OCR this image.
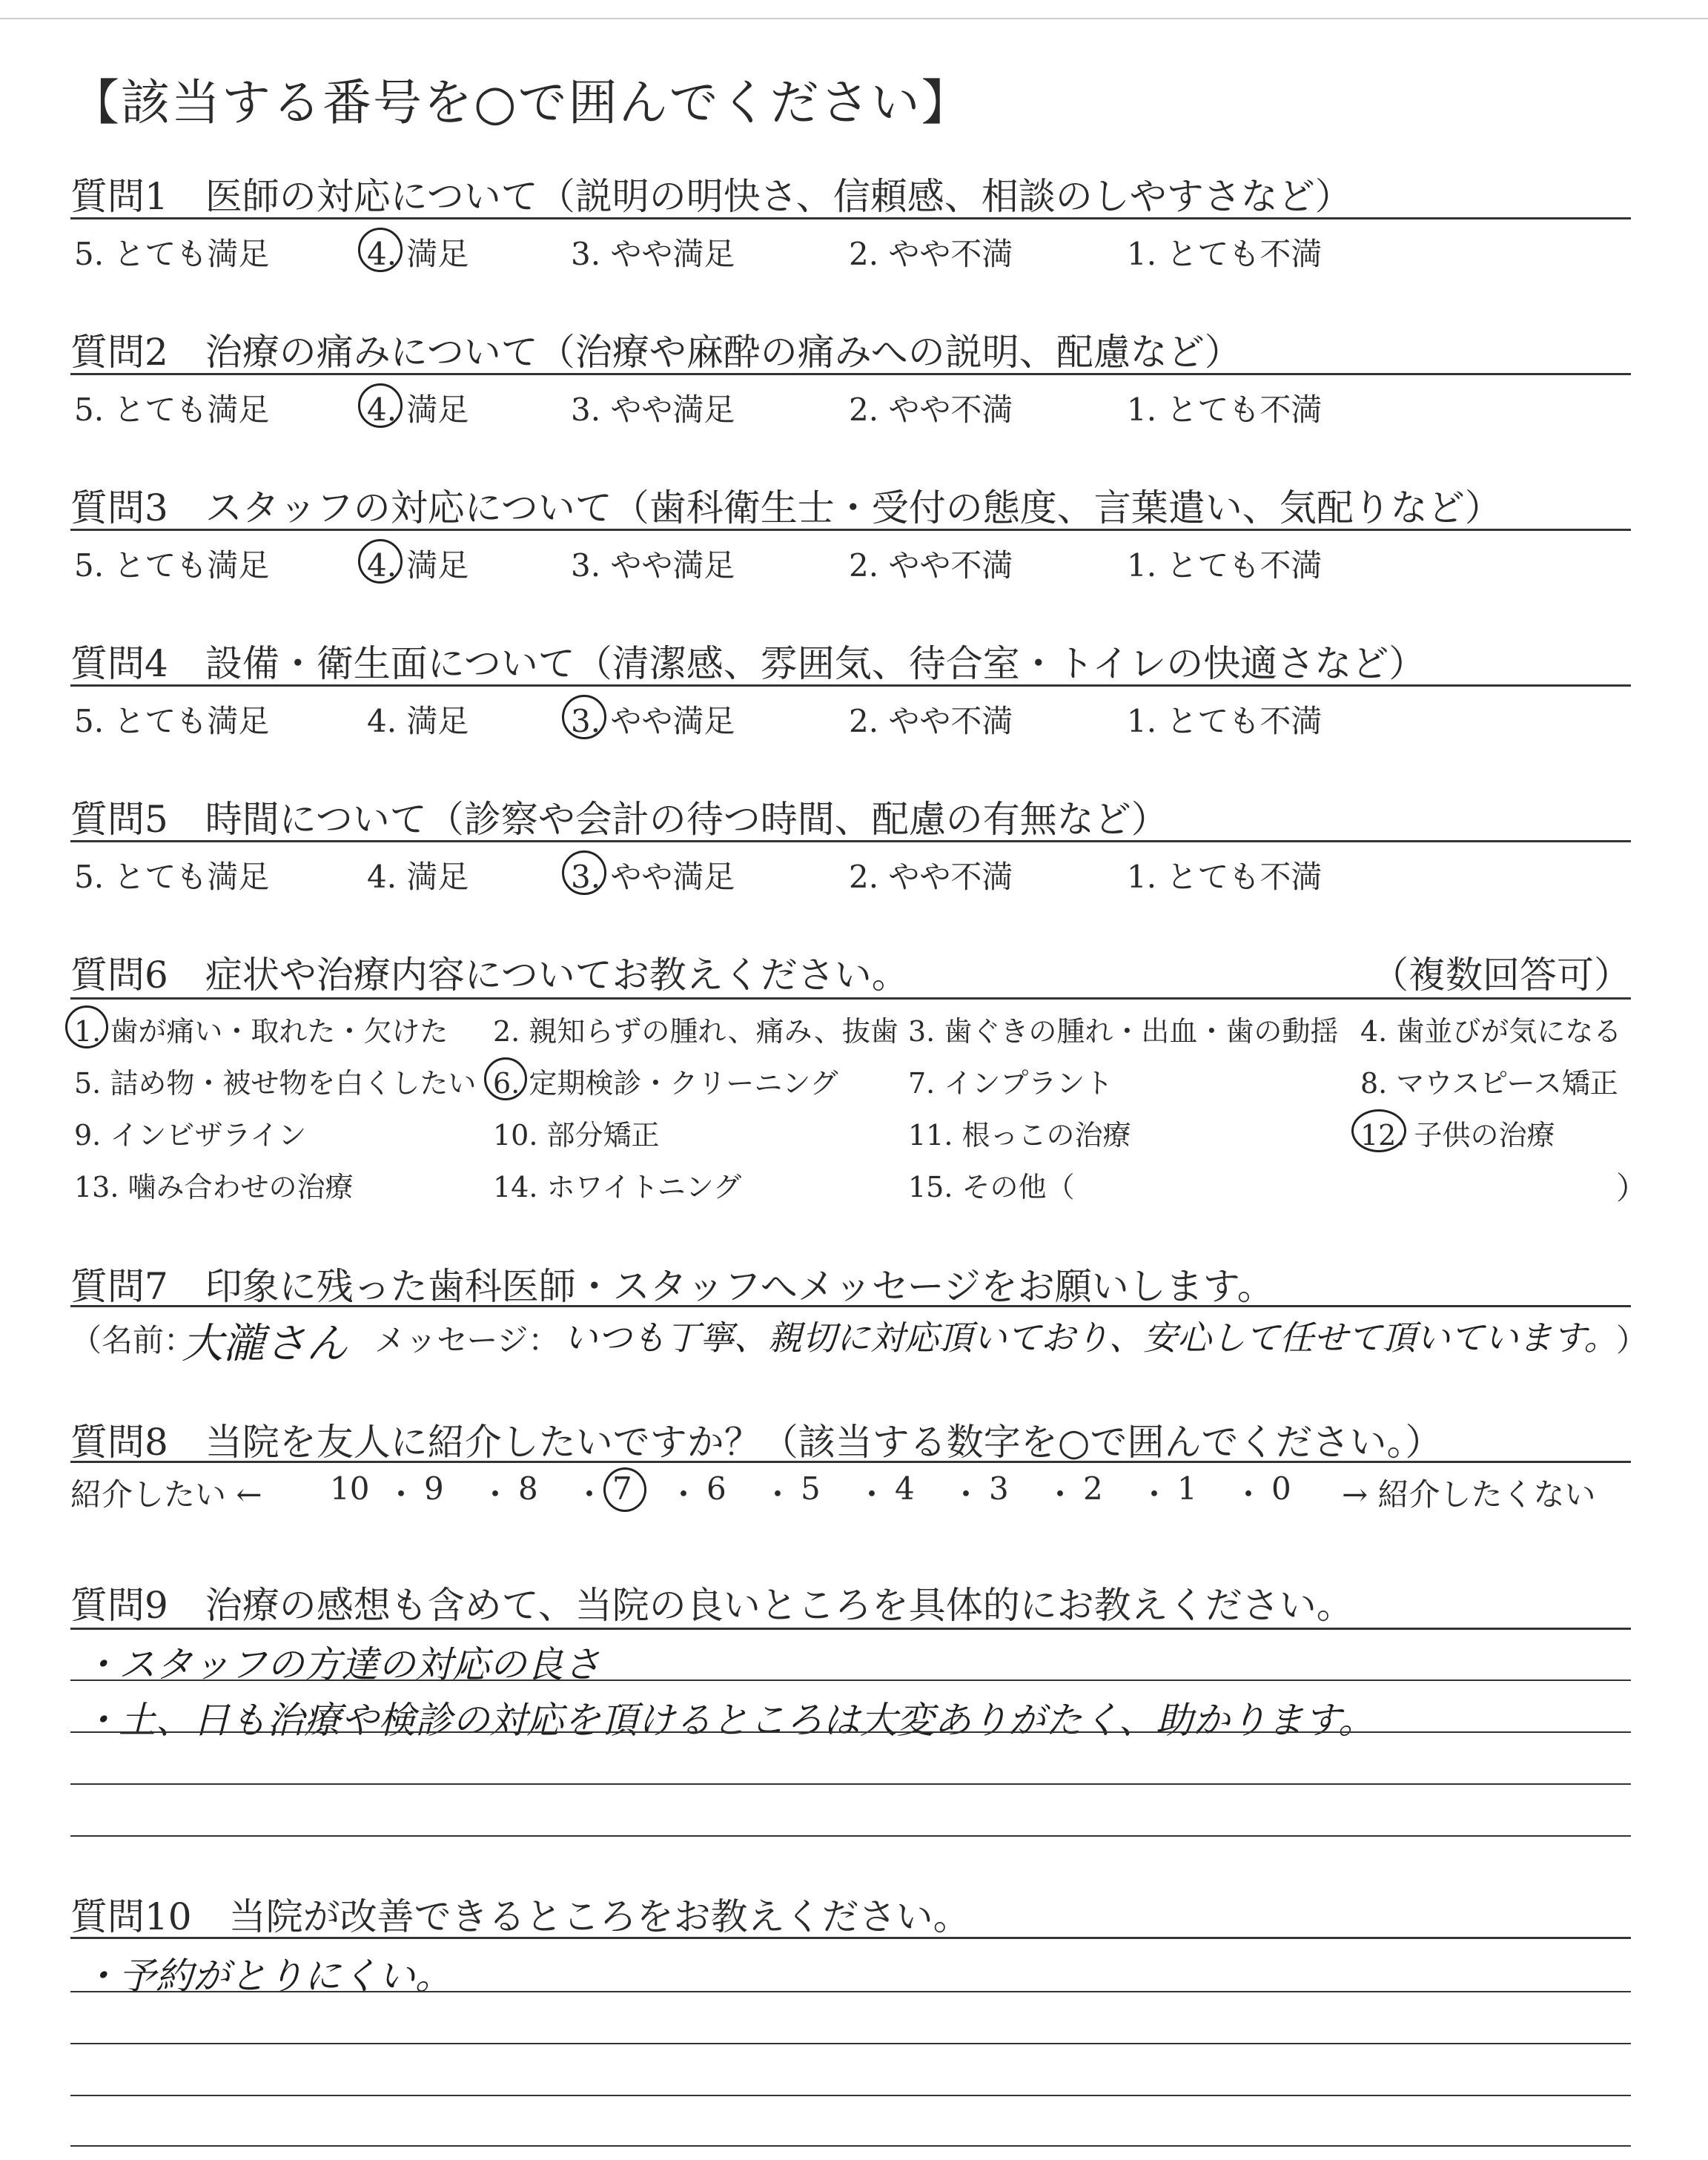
【該当する番号を○で囲んでください】
質問1　医師の対応について（説明の明快さ、信頼感、相談のしやすさなど）
5. とても満足	4. 満足	3. やや満足	2. やや不満	1. とても不満
質問2　治療の痛みについて（治療や麻酔の痛みへの説明、配慮など）
5. とても満足	4. 満足	3. やや満足	2. やや不満	1. とても不満
質問3　スタッフの対応について（歯科衛生士・受付の態度、言葉遣い、気配りなど）
5. とても満足	4. 満足	3. やや満足	2. やや不満	1. とても不満
質問4　設備・衛生面について（清潔感、雰囲気、待合室・トイレの快適さなど）
5. とても満足	4. 満足	3. やや満足	2. やや不満	1. とても不満
質問5　時間について（診察や会計の待つ時間、配慮の有無など）
5. とても満足	4. 満足	3. やや満足	2. やや不満	1. とても不満
質問6　症状や治療内容についてお教えください。	（複数回答可）
1. 歯が痛い・取れた・欠けた 2. 親知らずの腫れ、痛み、抜歯 3. 歯ぐきの腫れ・出血・歯の動揺 4. 歯並びが気になる
5. 詰め物・被せ物を白くしたい 6. 定期検診・クリーニング 7. インプラント	8. マウスピース矯正
9. インビザライン	10. 部分矯正	11. 根っこの治療	12. 子供の治療
13. 噛み合わせの治療	14. ホワイトニング	15. その他（	）
質問7　印象に残った歯科医師・スタッフへメッセージをお願いします。
（名前：
大瀧さん メッセージ： いつも丁寧、親切に対応頂いており、安心して任せて頂いています。
）
質問8　当院を友人に紹介したいですか？（該当する数字を○で囲んでください。）
紹介したい ← 10 ・ 9 ・ 8 ・ 7 ・ 6 ・ 5 ・ 4 ・ 3 ・ 2 ・ 1 ・ 0 → 紹介したくない
質問9　治療の感想も含めて、当院の良いところを具体的にお教えください。
・スタッフの方達の対応の良さ
・土、日も治療や検診の対応を頂けるところは大変ありがたく、助かります。
質問10　当院が改善できるところをお教えください。
・予約がとりにくい。
